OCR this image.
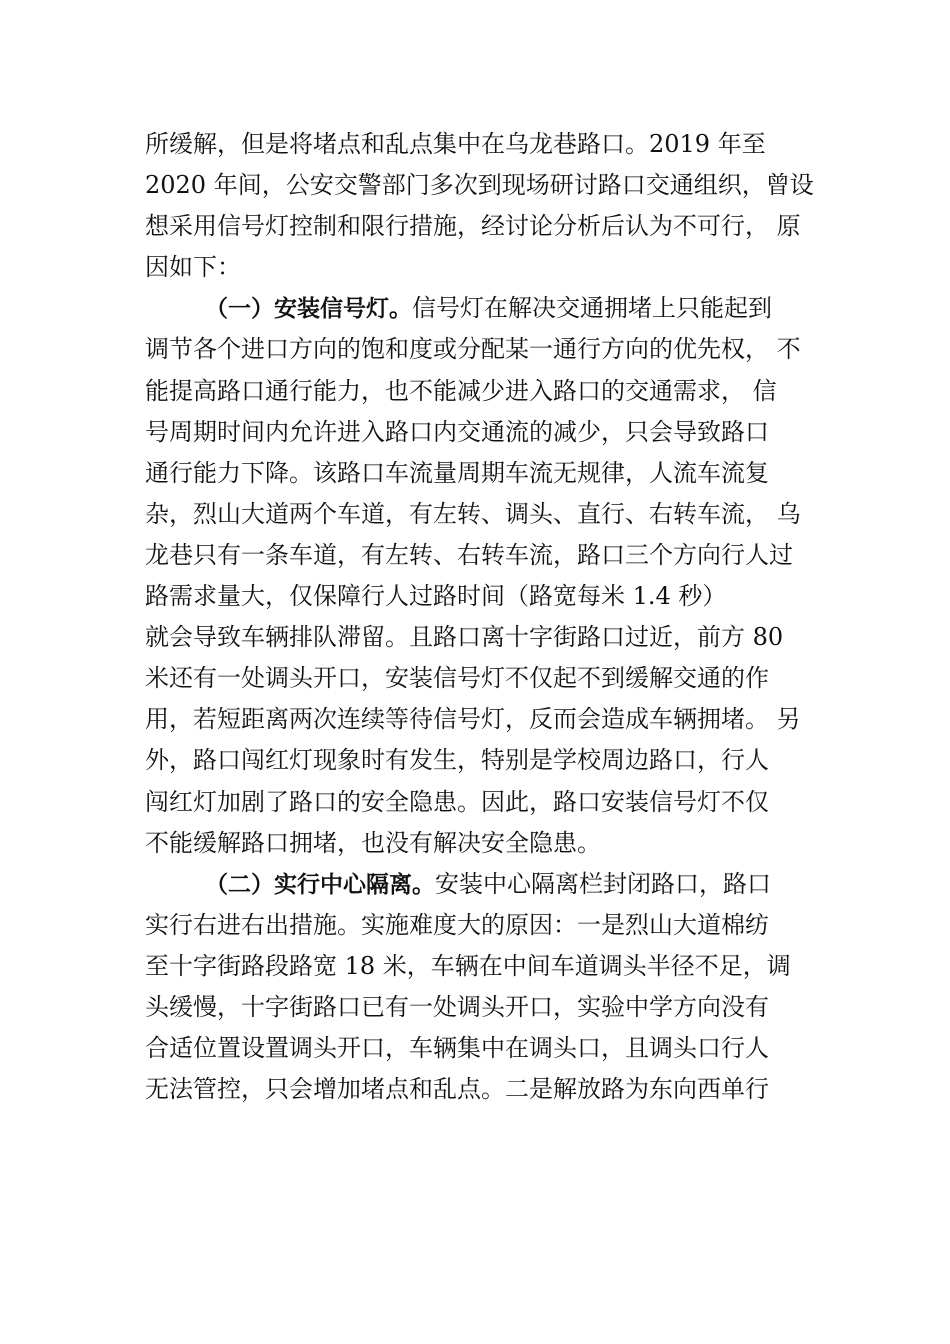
所缓解，但是将堵点和乱点集中在乌龙巷路口。2019 年至
2020 年间，公安交警部门多次到现场研讨路口交通组织，曾设
想采用信号灯控制和限行措施，经讨论分析后认为不可行， 原
因如下：
（一）安装信号灯。信号灯在解决交通拥堵上只能起到
调节各个进口方向的饱和度或分配某一通行方向的优先权， 不
能提高路口通行能力，也不能减少进入路口的交通需求， 信
号周期时间内允许进入路口内交通流的减少，只会导致路口
通行能力下降。该路口车流量周期车流无规律，人流车流复
杂，烈山大道两个车道，有左转、调头、直行、右转车流， 乌
龙巷只有一条车道，有左转、右转车流，路口三个方向行人过
路需求量大，仅保障行人过路时间（路宽每米 1.4 秒）
就会导致车辆排队滞留。且路口离十字街路口过近，前方 80
米还有一处调头开口，安装信号灯不仅起不到缓解交通的作
用，若短距离两次连续等待信号灯，反而会造成车辆拥堵。 另
外，路口闯红灯现象时有发生，特别是学校周边路口，行人
闯红灯加剧了路口的安全隐患。因此，路口安装信号灯不仅
不能缓解路口拥堵，也没有解决安全隐患。
（二）实行中心隔离。安装中心隔离栏封闭路口，路口
实行右进右出措施。实施难度大的原因：一是烈山大道棉纺
至十字街路段路宽 18 米，车辆在中间车道调头半径不足，调
头缓慢，十字街路口已有一处调头开口，实验中学方向没有
合适位置设置调头开口，车辆集中在调头口，且调头口行人
无法管控，只会增加堵点和乱点。二是解放路为东向西单行
